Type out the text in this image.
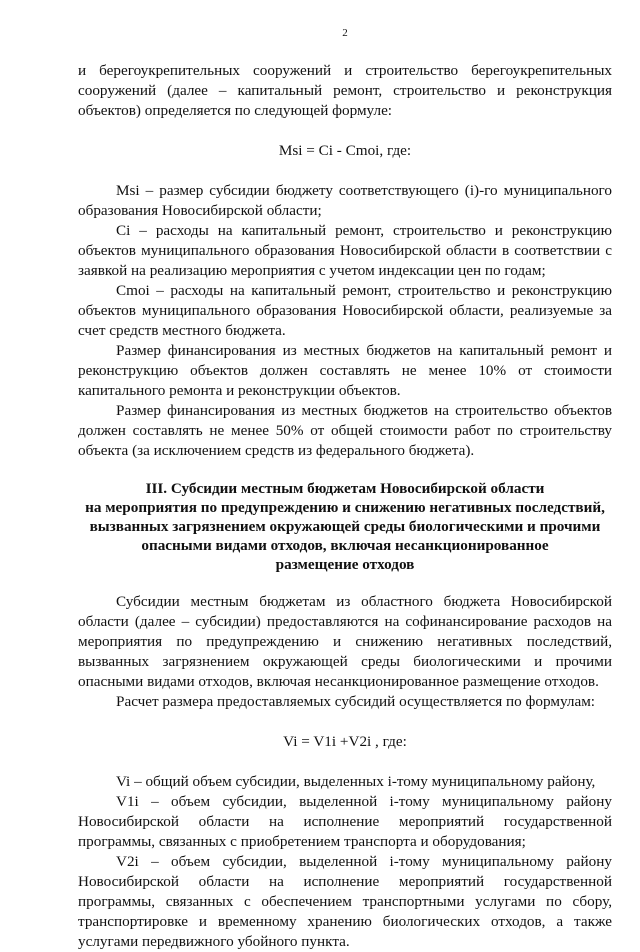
2

и берегоукрепительных сооружений и строительство берегоукрепительных сооружений (далее – капитальный ремонт, строительство и реконструкция объектов) определяется по следующей формуле:

Msi = Ci - Cmoi, где:

Msi – размер субсидии бюджету соответствующего (i)-го муниципального образования Новосибирской области;

Ci – расходы на капитальный ремонт, строительство и реконструкцию объектов муниципального образования Новосибирской области в соответствии с заявкой на реализацию мероприятия с учетом индексации цен по годам;

Cmoi – расходы на капитальный ремонт, строительство и реконструкцию объектов муниципального образования Новосибирской области, реализуемые за счет средств местного бюджета.

Размер финансирования из местных бюджетов на капитальный ремонт и реконструкцию объектов должен составлять не менее 10% от стоимости капитального ремонта и реконструкции объектов.

Размер финансирования из местных бюджетов на строительство объектов должен составлять не менее 50% от общей стоимости работ по строительству объекта (за исключением средств из федерального бюджета).

III. Субсидии местным бюджетам Новосибирской области
на мероприятия по предупреждению и снижению негативных последствий,
вызванных загрязнением окружающей среды биологическими и прочими
опасными видами отходов, включая несанкционированное
размещение отходов

Субсидии местным бюджетам из областного бюджета Новосибирской области (далее – субсидии) предоставляются на софинансирование расходов на мероприятия по предупреждению и снижению негативных последствий, вызванных загрязнением окружающей среды биологическими и прочими опасными видами отходов, включая несанкционированное размещение отходов.

Расчет размера предоставляемых субсидий осуществляется по формулам:

Vi = V1i +V2i , где:

Vi – общий объем субсидии, выделенных i-тому муниципальному району,

V1i – объем субсидии, выделенной i-тому муниципальному району Новосибирской области на исполнение мероприятий государственной программы, связанных с приобретением транспорта и оборудования;

V2i – объем субсидии, выделенной i-тому муниципальному району Новосибирской области на исполнение мероприятий государственной программы, связанных с обеспечением транспортными услугами по сбору, транспортировке и временному хранению биологических отходов, а также услугами передвижного убойного пункта.
